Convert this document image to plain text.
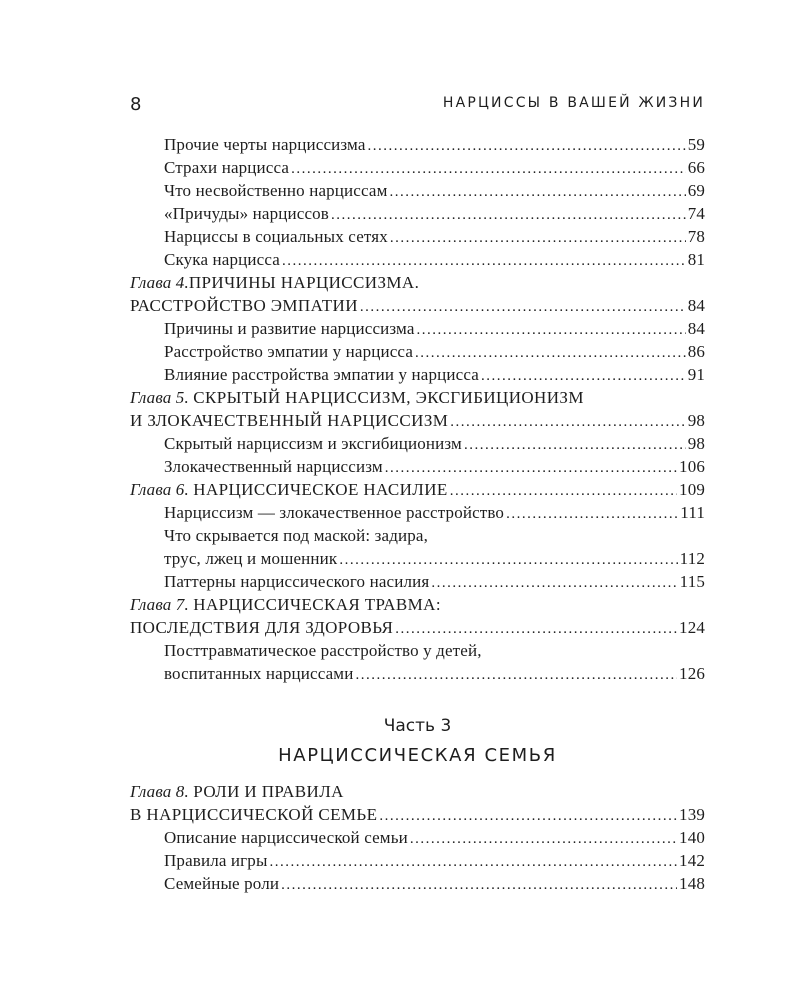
8	НАРЦИССЫ В ВАШЕЙ ЖИЗНИ
Прочие черты нарциссизма .....	59
Страхи нарцисса .....	66
Что несвойственно нарциссам .....	69
«Причуды» нарциссов .....	74
Нарциссы в социальных сетях .....	78
Скука нарцисса .....	81
Глава 4.ПРИЧИНЫ НАРЦИССИЗМА.
РАССТРОЙСТВО ЭМПАТИИ .....	84
Причины и развитие нарциссизма .....	84
Расстройство эмпатии у нарцисса .....	86
Влияние расстройства эмпатии у нарцисса .....	91
Глава 5. СКРЫТЫЙ НАРЦИССИЗМ, ЭКСГИБИЦИОНИЗМ
И ЗЛОКАЧЕСТВЕННЫЙ НАРЦИССИЗМ .....	98
Скрытый нарциссизм и эксгибиционизм .....	98
Злокачественный нарциссизм .....	106
Глава 6. НАРЦИССИЧЕСКОЕ НАСИЛИЕ .....	109
Нарциссизм — злокачественное расстройство .....	111
Что скрывается под маской: задира,
трус, лжец и мошенник .....	112
Паттерны нарциссического насилия .....	115
Глава 7. НАРЦИССИЧЕСКАЯ ТРАВМА:
ПОСЛЕДСТВИЯ ДЛЯ ЗДОРОВЬЯ .....	124
Посттравматическое расстройство у детей,
воспитанных нарциссами .....	126
Часть 3
НАРЦИССИЧЕСКАЯ СЕМЬЯ
Глава 8. РОЛИ И ПРАВИЛА
В НАРЦИССИЧЕСКОЙ СЕМЬЕ .....	139
Описание нарциссической семьи .....	140
Правила игры .....	142
Семейные роли .....	148
